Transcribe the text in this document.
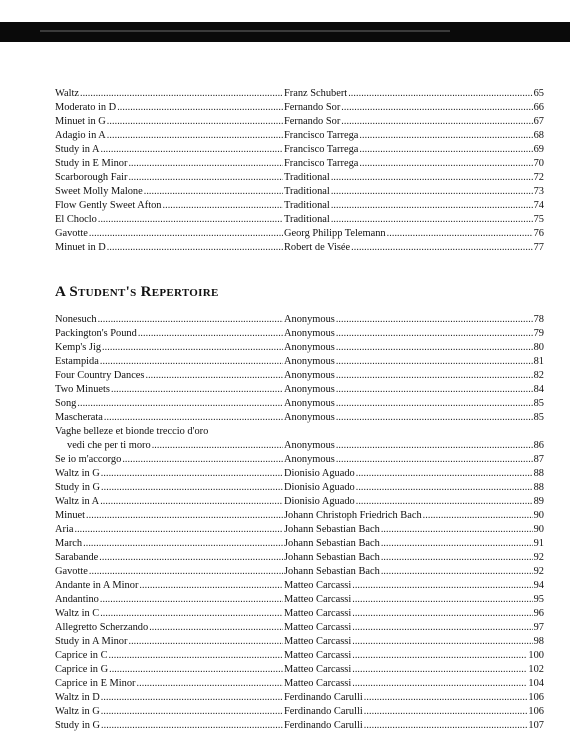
Waltz . . .	Franz Schubert . . .	65
Moderato in D . . .	Fernando Sor . . .	66
Minuet in G . . .	Fernando Sor . . .	67
Adagio in A . . .	Francisco Tarrega . . .	68
Study in A . . .	Francisco Tarrega . . .	69
Study in E Minor . . .	Francisco Tarrega . . .	70
Scarborough Fair . . .	Traditional . . .	72
Sweet Molly Malone . . .	Traditional . . .	73
Flow Gently Sweet Afton . . .	Traditional . . .	74
El Choclo . . .	Traditional . . .	75
Gavotte . . .	Georg Philipp Telemann . . .	76
Minuet in D . . .	Robert de Visée . . .	77
A Student's Repertoire
Nonesuch . . .	Anonymous . . .	78
Packington's Pound . . .	Anonymous . . .	79
Kemp's Jig . . .	Anonymous . . .	80
Estampida . . .	Anonymous . . .	81
Four Country Dances . . .	Anonymous . . .	82
Two Minuets . . .	Anonymous . . .	84
Song . . .	Anonymous . . .	85
Mascherata . . .	Anonymous . . .	85
Vaghe belleze et bionde treccio d'oro
vedi che per ti moro . . .	Anonymous . . .	86
Se io m'accorgo . . .	Anonymous . . .	87
Waltz in G . . .	Dionisio Aguado . . .	88
Study in G . . .	Dionisio Aguado . . .	88
Waltz in A . . .	Dionisio Aguado . . .	89
Minuet . . .	Johann Christoph Friedrich Bach . . .	90
Aria . . .	Johann Sebastian Bach . . .	90
March . . .	Johann Sebastian Bach . . .	91
Sarabande . . .	Johann Sebastian Bach . . .	92
Gavotte . . .	Johann Sebastian Bach . . .	92
Andante in A Minor . . .	Matteo Carcassi . . .	94
Andantino . . .	Matteo Carcassi . . .	95
Waltz in C . . .	Matteo Carcassi . . .	96
Allegretto Scherzando . . .	Matteo Carcassi . . .	97
Study in A Minor . . .	Matteo Carcassi . . .	98
Caprice in C . . .	Matteo Carcassi . . .	100
Caprice in G . . .	Matteo Carcassi . . .	102
Caprice in E Minor . . .	Matteo Carcassi . . .	104
Waltz in D . . .	Ferdinando Carulli . . .	106
Waltz in G . . .	Ferdinando Carulli . . .	106
Study in G . . .	Ferdinando Carulli . . .	107
